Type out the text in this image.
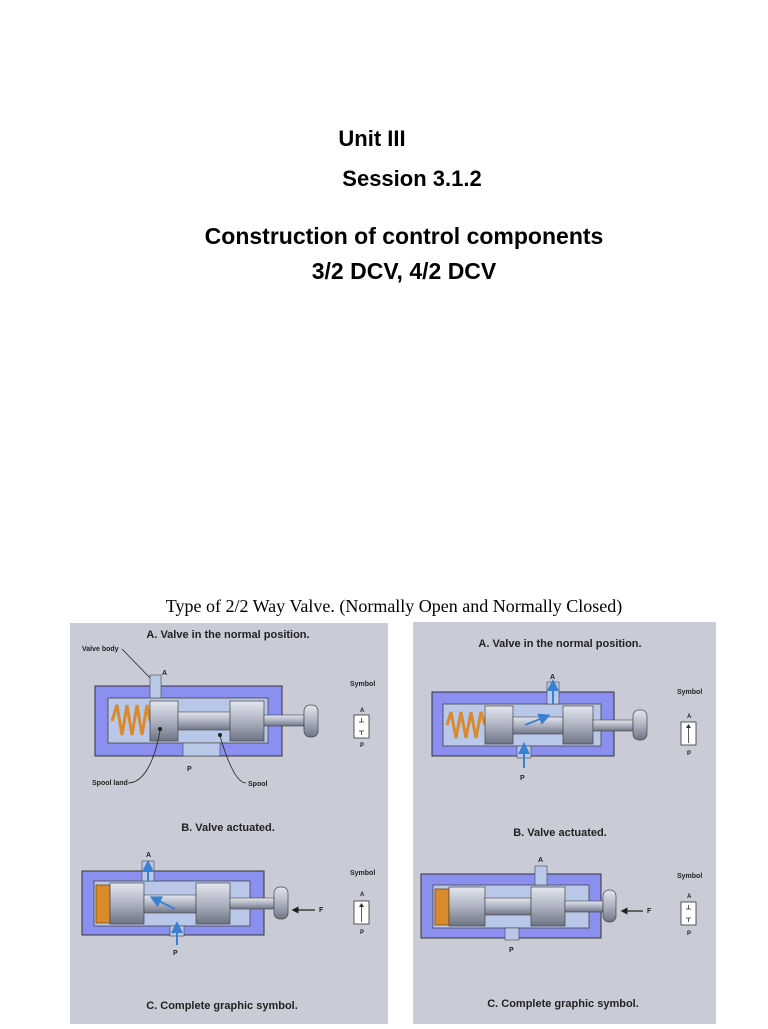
Unit III
Session 3.1.2
Construction of control components
3/2 DCV, 4/2 DCV
Type of 2/2 Way Valve. (Normally Open and Normally Closed)
A. Valve in the normal position.
Valve body
A
P
Spool land	Spool
Symbol
A
P
B. Valve actuated.
A
P
F
Symbol
A
P
C. Complete graphic symbol.
A. Valve in the normal position.
A
P
Symbol
A
P
B. Valve actuated.
A
P
F
Symbol
A
P
C. Complete graphic symbol.
